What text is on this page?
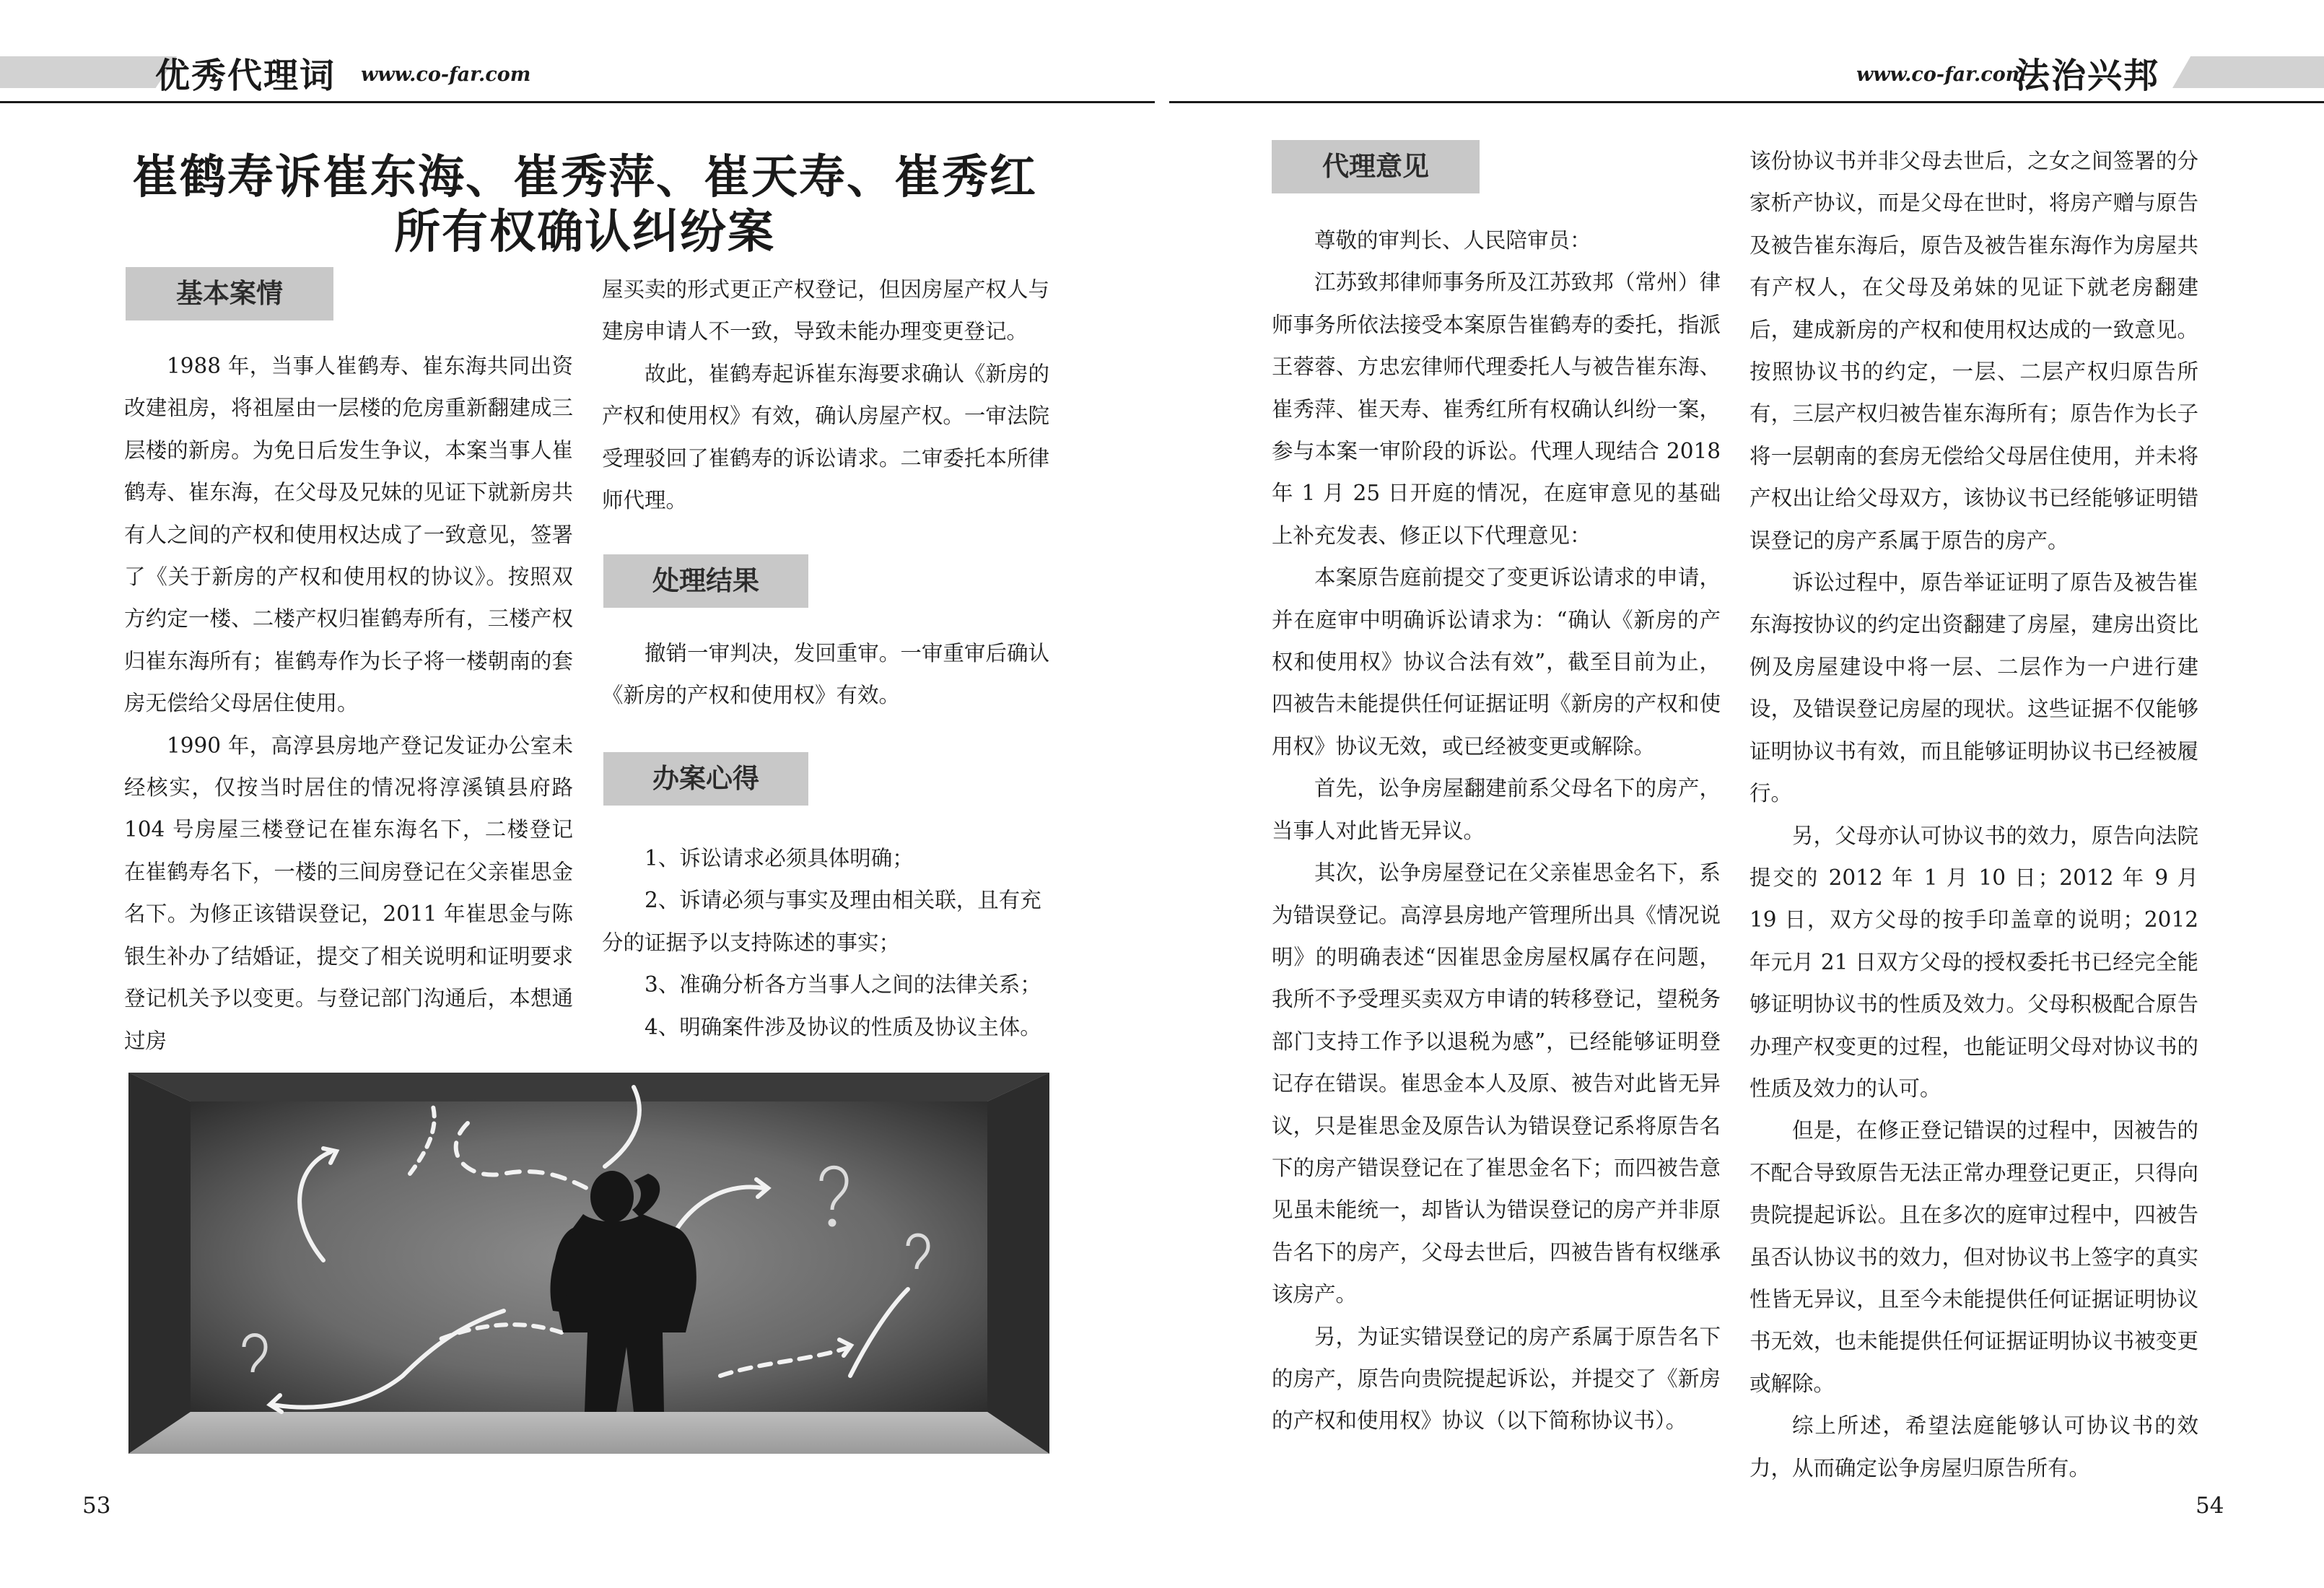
优秀代理词 www.co-far.com	www.co-far.com
法治兴邦
崔鹤寿诉崔东海、崔秀萍、崔天寿、崔秀红
所有权确认纠纷案
基本案情

1988 年，当事人崔鹤寿、崔东海共同出资改建祖房，将祖屋由一层楼的危房重新翻建成三层楼的新房。为免日后发生争议，本案当事人崔鹤寿、崔东海，在父母及兄妹的见证下就新房共有人之间的产权和使用权达成了一致意见，签署了《关于新房的产权和使用权的协议》。按照双方约定一楼、二楼产权归崔鹤寿所有，三楼产权归崔东海所有；崔鹤寿作为长子将一楼朝南的套房无偿给父母居住使用。

1990 年，高淳县房地产登记发证办公室未经核实，仅按当时居住的情况将淳溪镇县府路 104 号房屋三楼登记在崔东海名下，二楼登记在崔鹤寿名下，一楼的三间房登记在父亲崔思金名下。为修正该错误登记，2011 年崔思金与陈银生补办了结婚证，提交了相关说明和证明要求登记机关予以变更。与登记部门沟通后，本想通过房

屋买卖的形式更正产权登记，但因房屋产权人与建房申请人不一致，导致未能办理变更登记。

故此，崔鹤寿起诉崔东海要求确认《新房的产权和使用权》有效，确认房屋产权。一审法院受理驳回了崔鹤寿的诉讼请求。二审委托本所律师代理。

处理结果

撤销一审判决，发回重审。一审重审后确认《新房的产权和使用权》有效。

办案心得
1、诉讼请求必须具体明确；
2、诉请必须与事实及理由相关联，且有充分的证据予以支持陈述的事实；
3、准确分析各方当事人之间的法律关系；
4、明确案件涉及协议的性质及协议主体。
代理意见

尊敬的审判长、人民陪审员：

江苏致邦律师事务所及江苏致邦（常州）律师事务所依法接受本案原告崔鹤寿的委托，指派王蓉蓉、方忠宏律师代理委托人与被告崔东海、崔秀萍、崔天寿、崔秀红所有权确认纠纷一案，参与本案一审阶段的诉讼。代理人现结合 2018 年 1 月 25 日开庭的情况，在庭审意见的基础上补充发表、修正以下代理意见：

本案原告庭前提交了变更诉讼请求的申请，并在庭审中明确诉讼请求为：“确认《新房的产权和使用权》协议合法有效”，截至目前为止，四被告未能提供任何证据证明《新房的产权和使用权》协议无效，或已经被变更或解除。

首先，讼争房屋翻建前系父母名下的房产，当事人对此皆无异议。

其次，讼争房屋登记在父亲崔思金名下，系为错误登记。高淳县房地产管理所出具《情况说明》的明确表述“因崔思金房屋权属存在问题，我所不予受理买卖双方申请的转移登记，望税务部门支持工作予以退税为感”，已经能够证明登记存在错误。崔思金本人及原、被告对此皆无异议，只是崔思金及原告认为错误登记系将原告名下的房产错误登记在了崔思金名下；而四被告意见虽未能统一，却皆认为错误登记的房产并非原告名下的房产，父母去世后，四被告皆有权继承该房产。

另，为证实错误登记的房产系属于原告名下的房产，原告向贵院提起诉讼，并提交了《新房的产权和使用权》协议（以下简称协议书）。

该份协议书并非父母去世后，之女之间签署的分家析产协议，而是父母在世时，将房产赠与原告及被告崔东海后，原告及被告崔东海作为房屋共有产权人，在父母及弟妹的见证下就老房翻建后，建成新房的产权和使用权达成的一致意见。按照协议书的约定，一层、二层产权归原告所有，三层产权归被告崔东海所有；原告作为长子将一层朝南的套房无偿给父母居住使用，并未将产权出让给父母双方，该协议书已经能够证明错误登记的房产系属于原告的房产。

诉讼过程中，原告举证证明了原告及被告崔东海按协议的约定出资翻建了房屋，建房出资比例及房屋建设中将一层、二层作为一户进行建设，及错误登记房屋的现状。这些证据不仅能够证明协议书有效，而且能够证明协议书已经被履行。

另，父母亦认可协议书的效力，原告向法院提交的 2012 年 1 月 10 日；2012 年 9 月 19 日，双方父母的按手印盖章的说明；2012 年元月 21 日双方父母的授权委托书已经完全能够证明协议书的性质及效力。父母积极配合原告办理产权变更的过程，也能证明父母对协议书的性质及效力的认可。

但是，在修正登记错误的过程中，因被告的不配合导致原告无法正常办理登记更正，只得向贵院提起诉讼。且在多次的庭审过程中，四被告虽否认协议书的效力，但对协议书上签字的真实性皆无异议，且至今未能提供任何证据证明协议书无效，也未能提供任何证据证明协议书被变更或解除。

综上所述，希望法庭能够认可协议书的效力，从而确定讼争房屋归原告所有。

53	54
